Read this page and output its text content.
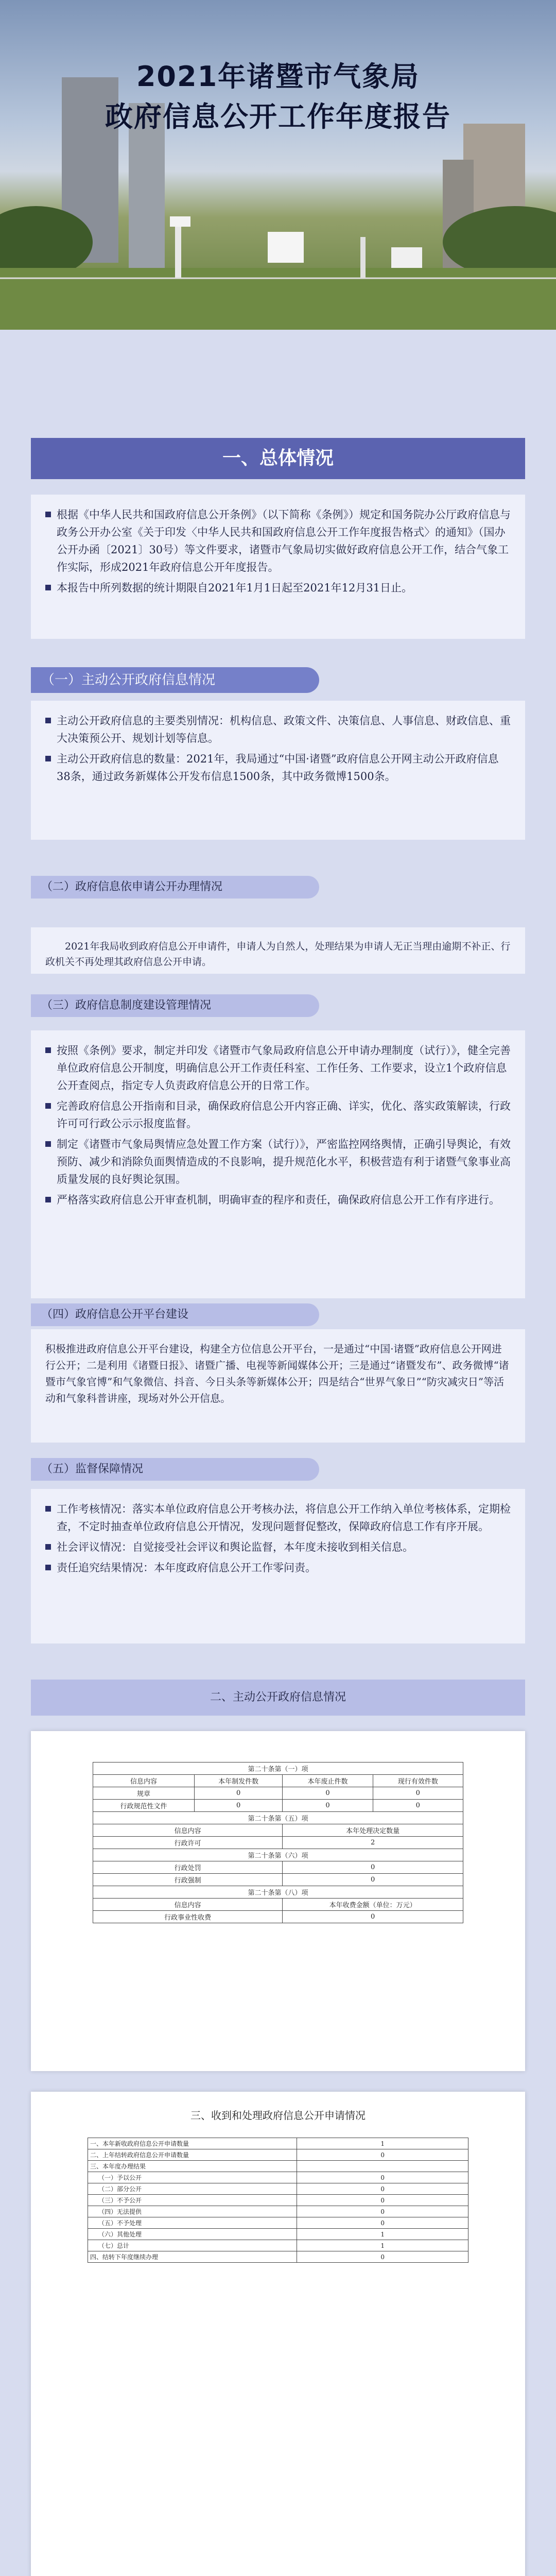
2021年诸暨市气象局
政府信息公开工作年度报告
一、总体情况
根据《中华人民共和国政府信息公开条例》（以下简称《条例》）规定和国务院办公厅政府信息与政务公开办公室《关于印发〈中华人民共和国政府信息公开工作年度报告格式〉的通知》（国办公开办函〔2021〕30号）等文件要求，诸暨市气象局切实做好政府信息公开工作，结合气象工作实际，形成2021年政府信息公开年度报告。
本报告中所列数据的统计期限自2021年1月1日起至2021年12月31日止。
（一）主动公开政府信息情况
主动公开政府信息的主要类别情况：机构信息、政策文件、决策信息、人事信息、财政信息、重大决策预公开、规划计划等信息。
主动公开政府信息的数量：2021年，我局通过“中国·诸暨”政府信息公开网主动公开政府信息38条，通过政务新媒体公开发布信息1500条，其中政务微博1500条。
（二）政府信息依申请公开办理情况

2021年我局收到政府信息公开申请件，申请人为自然人，处理结果为申请人无正当理由逾期不补正、行政机关不再处理其政府信息公开申请。

（三）政府信息制度建设管理情况
按照《条例》要求，制定并印发《诸暨市气象局政府信息公开申请办理制度（试行）》，健全完善单位政府信息公开制度，明确信息公开工作责任科室、工作任务、工作要求，设立1个政府信息公开查阅点，指定专人负责政府信息公开的日常工作。
完善政府信息公开指南和目录，确保政府信息公开内容正确、详实，优化、落实政策解读，行政许可可行政公示示报度监督。
制定《诸暨市气象局舆情应急处置工作方案（试行）》，严密监控网络舆情，正确引导舆论，有效预防、减少和消除负面舆情造成的不良影响，提升规范化水平，积极营造有利于诸暨气象事业高质量发展的良好舆论氛围。
严格落实政府信息公开审查机制，明确审查的程序和责任，确保政府信息公开工作有序进行。
（四）政府信息公开平台建设

积极推进政府信息公开平台建设，构建全方位信息公开平台，一是通过“中国·诸暨”政府信息公开网进行公开；二是利用《诸暨日报》、诸暨广播、电视等新闻媒体公开；三是通过“诸暨发布”、政务微博“诸暨市气象官博”和气象微信、抖音、今日头条等新媒体公开；四是结合“世界气象日”“防灾减灾日”等活动和气象科普讲座，现场对外公开信息。

（五）监督保障情况
工作考核情况：落实本单位政府信息公开考核办法，将信息公开工作纳入单位考核体系，定期检查，不定时抽查单位政府信息公开情况，发现问题督促整改，保障政府信息工作有序开展。
社会评议情况：自觉接受社会评议和舆论监督，本年度未接收到相关信息。
责任追究结果情况：本年度政府信息公开工作零问责。
二、主动公开政府信息情况
第二十条第（一）项			
信息内容	本年制发件数	本年废止件数	现行有效件数
规章	0	0	0
行政规范性文件	0	0	0
第二十条第（五）项			
信息内容		本年处理决定数量	
行政许可		2	
第二十条第（六）项			
行政处罚		0	
行政强制		0	
第二十条第（八）项			
信息内容		本年收费金额（单位：万元）	
行政事业性收费		0	
三、收到和处理政府信息公开申请情况
一、本年新收政府信息公开申请数量	1
二、上年结转政府信息公开申请数量	0
三、本年度办理结果	
（一）予以公开	0
（二）部分公开	0
（三）不予公开	0
（四）无法提供	0
（五）不予处理	0
（六）其他处理	1
（七）总计	1
四、结转下年度继续办理	0
